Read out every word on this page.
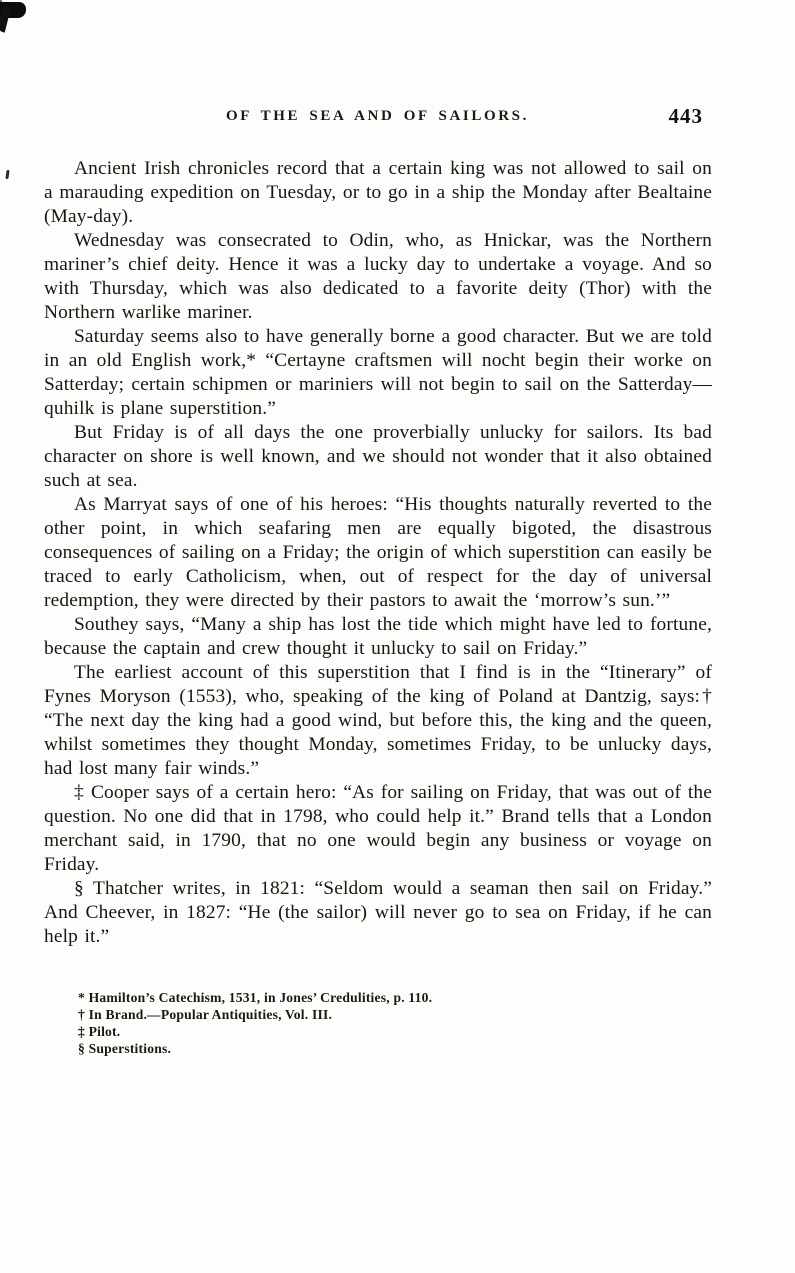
OF THE SEA AND OF SAILORS.	443

Ancient Irish chronicles record that a certain king was not allowed to sail on a marauding expedition on Tuesday, or to go in a ship the Monday after Bealtaine (May-day).

Wednesday was consecrated to Odin, who, as Hnickar, was the Northern mariner’s chief deity. Hence it was a lucky day to undertake a voyage. And so with Thursday, which was also dedicated to a favorite deity (Thor) with the Northern warlike mariner.

Saturday seems also to have generally borne a good character. But we are told in an old English work,* “Certayne craftsmen will nocht begin their worke on Satterday; certain schipmen or mariniers will not begin to sail on the Satterday—quhilk is plane superstition.”

But Friday is of all days the one proverbially unlucky for sailors. Its bad character on shore is well known, and we should not wonder that it also obtained such at sea.

As Marryat says of one of his heroes: “His thoughts naturally reverted to the other point, in which seafaring men are equally bigoted, the disastrous consequences of sailing on a Friday; the origin of which superstition can easily be traced to early Catholicism, when, out of respect for the day of universal redemption, they were directed by their pastors to await the ‘morrow’s sun.’”

Southey says, “Many a ship has lost the tide which might have led to fortune, because the captain and crew thought it unlucky to sail on Friday.”

The earliest account of this superstition that I find is in the “Itinerary” of Fynes Moryson (1553), who, speaking of the king of Poland at Dantzig, says:† “The next day the king had a good wind, but before this, the king and the queen, whilst sometimes they thought Monday, sometimes Friday, to be unlucky days, had lost many fair winds.”

‡ Cooper says of a certain hero: “As for sailing on Friday, that was out of the question. No one did that in 1798, who could help it.” Brand tells that a London merchant said, in 1790, that no one would begin any business or voyage on Friday.

§ Thatcher writes, in 1821: “Seldom would a seaman then sail on Friday.” And Cheever, in 1827: “He (the sailor) will never go to sea on Friday, if he can help it.”

* Hamilton’s Catechism, 1531, in Jones’ Credulities, p. 110.

† In Brand.—Popular Antiquities, Vol. III.

‡ Pilot.

§ Superstitions.
